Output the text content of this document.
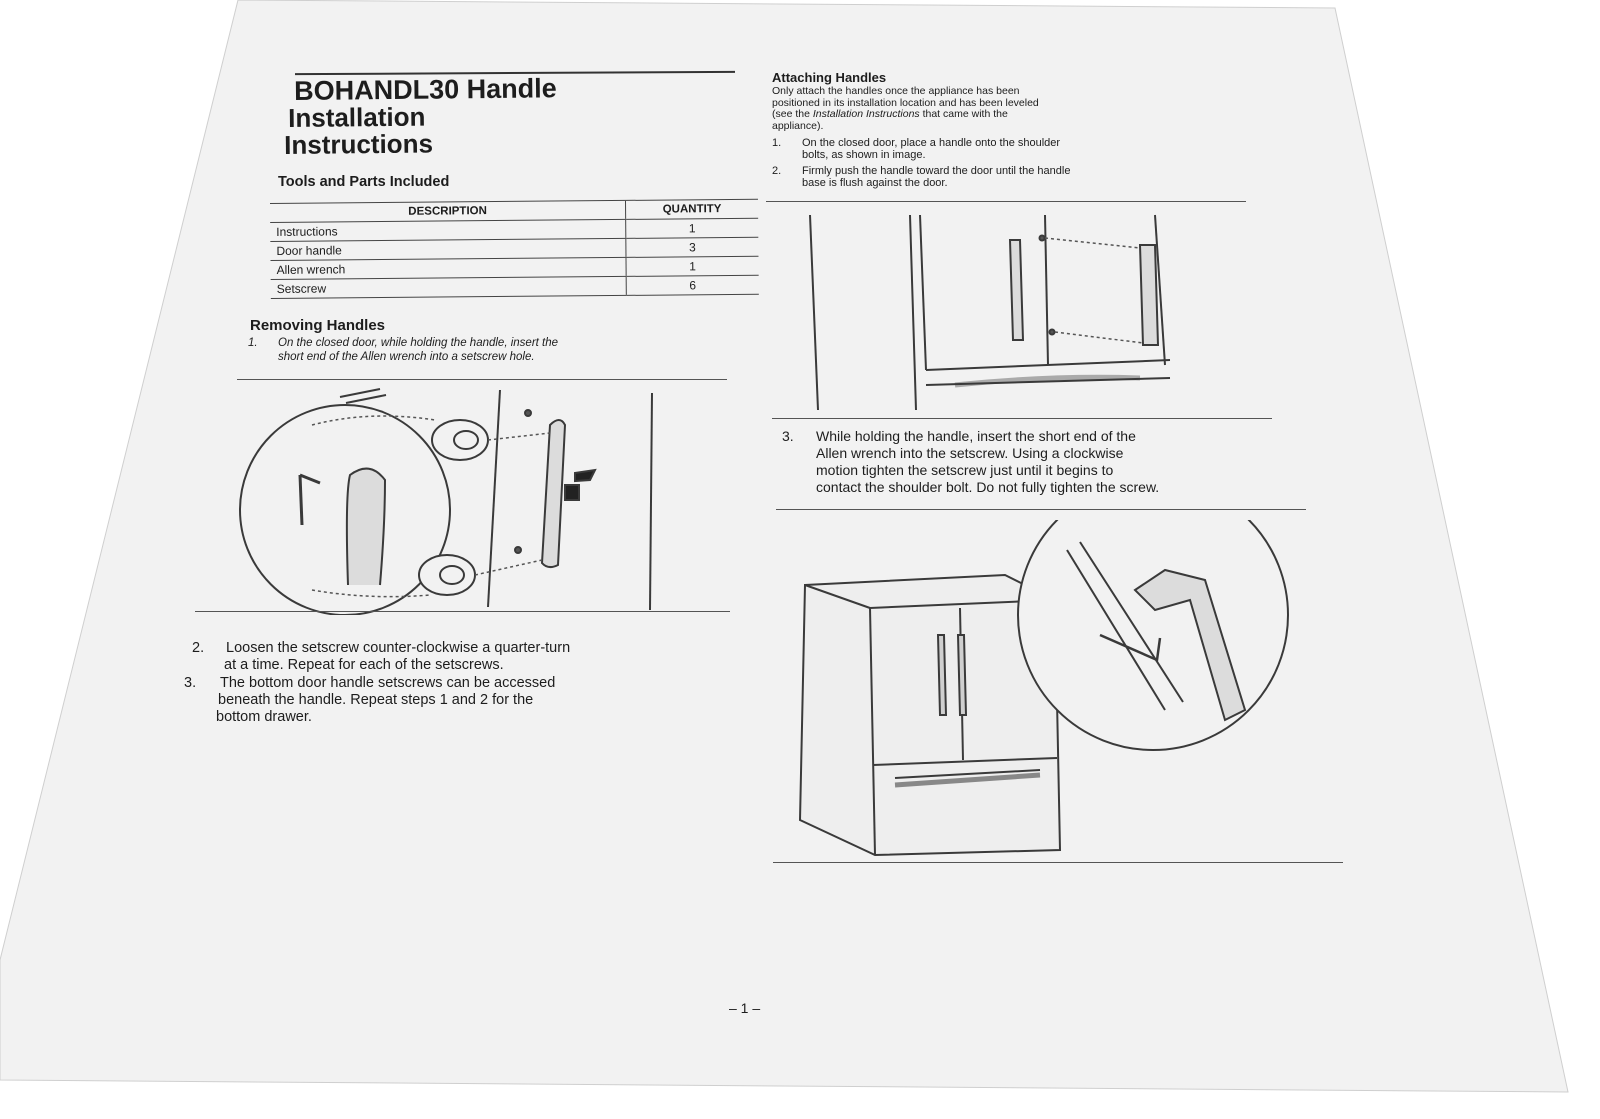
BOHANDL30 Handle
Installation
Instructions
Tools and Parts Included
DESCRIPTION	QUANTITY
Instructions	1
Door handle	3
Allen wrench	1
Setscrew	6
Removing Handles
1. On the closed door, while holding the handle, insert the
short end of the Allen wrench into a setscrew hole.
2. Loosen the setscrew counter-clockwise a quarter-turn
at a time. Repeat for each of the setscrews.
3. The bottom door handle setscrews can be accessed
beneath the handle. Repeat steps 1 and 2 for the
bottom drawer.
Attaching Handles
Only attach the handles once the appliance has been
positioned in its installation location and has been leveled
(see the Installation Instructions that came with the
appliance).
1. On the closed door, place a handle onto the shoulder
bolts, as shown in image.
2. Firmly push the handle toward the door until the handle
base is flush against the door.
3. While holding the handle, insert the short end of the
Allen wrench into the setscrew. Using a clockwise
motion tighten the setscrew just until it begins to
contact the shoulder bolt. Do not fully tighten the screw.
– 1 –
